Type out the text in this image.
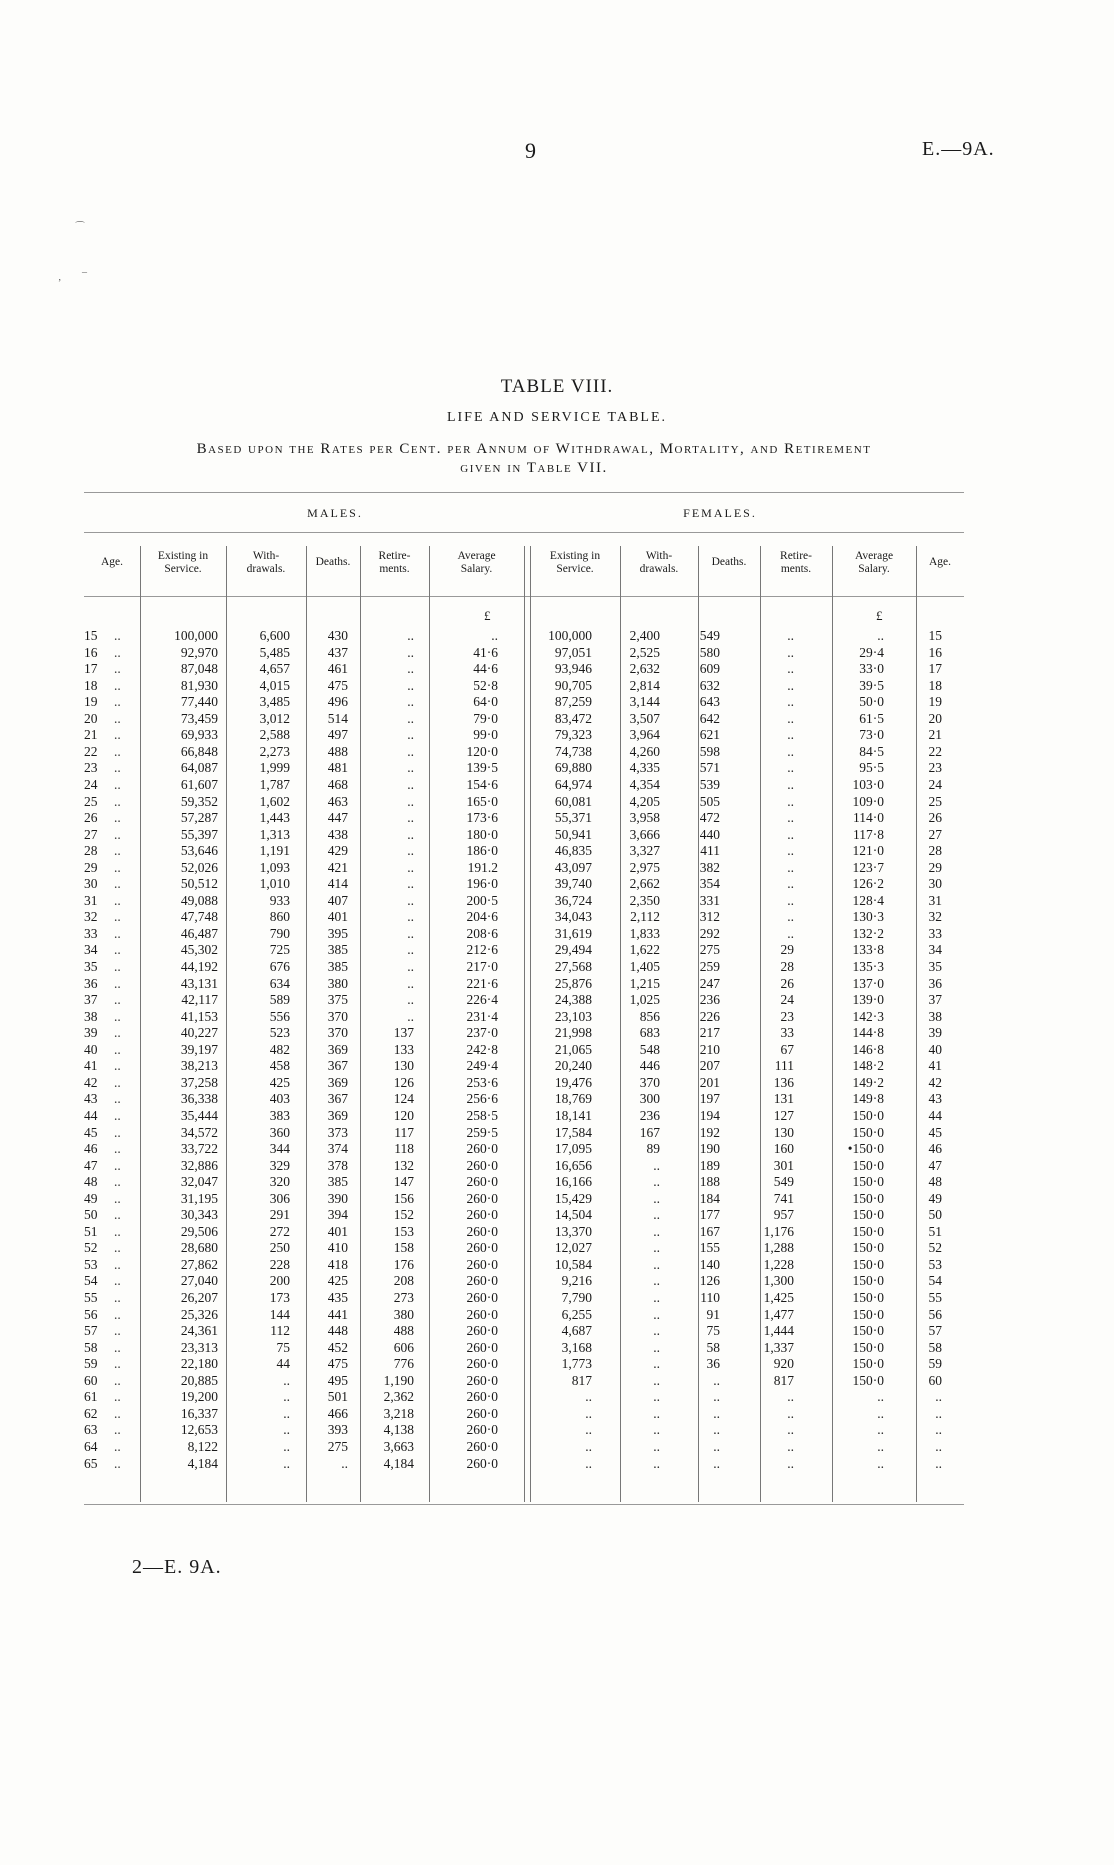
9	E.—9A.
⌒
‚ ¯
TABLE VIII.
LIFE AND SERVICE TABLE.
Based upon the Rates per Cent. per Annum of Withdrawal, Mortality, and Retirement
given in Table VII.
MALES.	FEMALES.
Age.	Existing in
Service.
With-
drawals.
Deaths.	Retire-
ments.
Average
Salary.
Existing in
Service.
With-
drawals.
Deaths.	Retire-
ments.
Average
Salary.
Age.
£	£
15	..	100,000	6,600	430	..	..	100,000	2,400	549	..	..	15
16	..	92,970	5,485	437	..	41·6	97,051	2,525	580	..	29·4	16
17	..	87,048	4,657	461	..	44·6	93,946	2,632	609	..	33·0	17
18	..	81,930	4,015	475	..	52·8	90,705	2,814	632	..	39·5	18
19	..	77,440	3,485	496	..	64·0	87,259	3,144	643	..	50·0	19
20	..	73,459	3,012	514	..	79·0	83,472	3,507	642	..	61·5	20
21	..	69,933	2,588	497	..	99·0	79,323	3,964	621	..	73·0	21
22	..	66,848	2,273	488	..	120·0	74,738	4,260	598	..	84·5	22
23	..	64,087	1,999	481	..	139·5	69,880	4,335	571	..	95·5	23
24	..	61,607	1,787	468	..	154·6	64,974	4,354	539	..	103·0	24
25	..	59,352	1,602	463	..	165·0	60,081	4,205	505	..	109·0	25
26	..	57,287	1,443	447	..	173·6	55,371	3,958	472	..	114·0	26
27	..	55,397	1,313	438	..	180·0	50,941	3,666	440	..	117·8	27
28	..	53,646	1,191	429	..	186·0	46,835	3,327	411	..	121·0	28
29	..	52,026	1,093	421	..	191.2	43,097	2,975	382	..	123·7	29
30	..	50,512	1,010	414	..	196·0	39,740	2,662	354	..	126·2	30
31	..	49,088	933	407	..	200·5	36,724	2,350	331	..	128·4	31
32	..	47,748	860	401	..	204·6	34,043	2,112	312	..	130·3	32
33	..	46,487	790	395	..	208·6	31,619	1,833	292	..	132·2	33
34	..	45,302	725	385	..	212·6	29,494	1,622	275	29	133·8	34
35	..	44,192	676	385	..	217·0	27,568	1,405	259	28	135·3	35
36	..	43,131	634	380	..	221·6	25,876	1,215	247	26	137·0	36
37	..	42,117	589	375	..	226·4	24,388	1,025	236	24	139·0	37
38	..	41,153	556	370	..	231·4	23,103	856	226	23	142·3	38
39	..	40,227	523	370	137	237·0	21,998	683	217	33	144·8	39
40	..	39,197	482	369	133	242·8	21,065	548	210	67	146·8	40
41	..	38,213	458	367	130	249·4	20,240	446	207	111	148·2	41
42	..	37,258	425	369	126	253·6	19,476	370	201	136	149·2	42
43	..	36,338	403	367	124	256·6	18,769	300	197	131	149·8	43
44	..	35,444	383	369	120	258·5	18,141	236	194	127	150·0	44
45	..	34,572	360	373	117	259·5	17,584	167	192	130	150·0	45
46	..	33,722	344	374	118	260·0	17,095	89	190	160	•150·0	46
47	..	32,886	329	378	132	260·0	16,656	..	189	301	150·0	47
48	..	32,047	320	385	147	260·0	16,166	..	188	549	150·0	48
49	..	31,195	306	390	156	260·0	15,429	..	184	741	150·0	49
50	..	30,343	291	394	152	260·0	14,504	..	177	957	150·0	50
51	..	29,506	272	401	153	260·0	13,370	..	167	1,176	150·0	51
52	..	28,680	250	410	158	260·0	12,027	..	155	1,288	150·0	52
53	..	27,862	228	418	176	260·0	10,584	..	140	1,228	150·0	53
54	..	27,040	200	425	208	260·0	9,216	..	126	1,300	150·0	54
55	..	26,207	173	435	273	260·0	7,790	..	110	1,425	150·0	55
56	..	25,326	144	441	380	260·0	6,255	..	91	1,477	150·0	56
57	..	24,361	112	448	488	260·0	4,687	..	75	1,444	150·0	57
58	..	23,313	75	452	606	260·0	3,168	..	58	1,337	150·0	58
59	..	22,180	44	475	776	260·0	1,773	..	36	920	150·0	59
60	..	20,885	..	495	1,190	260·0	817	..	..	817	150·0	60
61	..	19,200	..	501	2,362	260·0	..	..	..	..	..	..
62	..	16,337	..	466	3,218	260·0	..	..	..	..	..	..
63	..	12,653	..	393	4,138	260·0	..	..	..	..	..	..
64	..	8,122	..	275	3,663	260·0	..	..	..	..	..	..
65	..	4,184	..	..	4,184	260·0	..	..	..	..	..	..
2—E. 9A.
